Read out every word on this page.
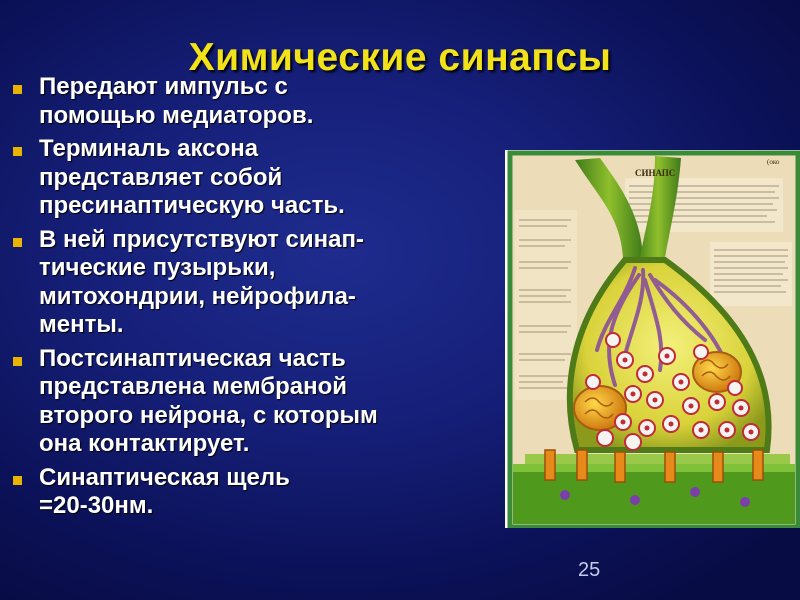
Химические синапсы
Передают импульс с
помощью медиаторов.
Терминаль аксона
представляет собой
пресинаптическую часть.
В ней присутствуют синап-
тические пузырьки,
митохондрии, нейрофила-
менты.
Постсинаптическая часть
представлена мембраной
второго нейрона, с которым
она контактирует.
Синаптическая щель
=20-30нм.
СИНАПС
(око
25
